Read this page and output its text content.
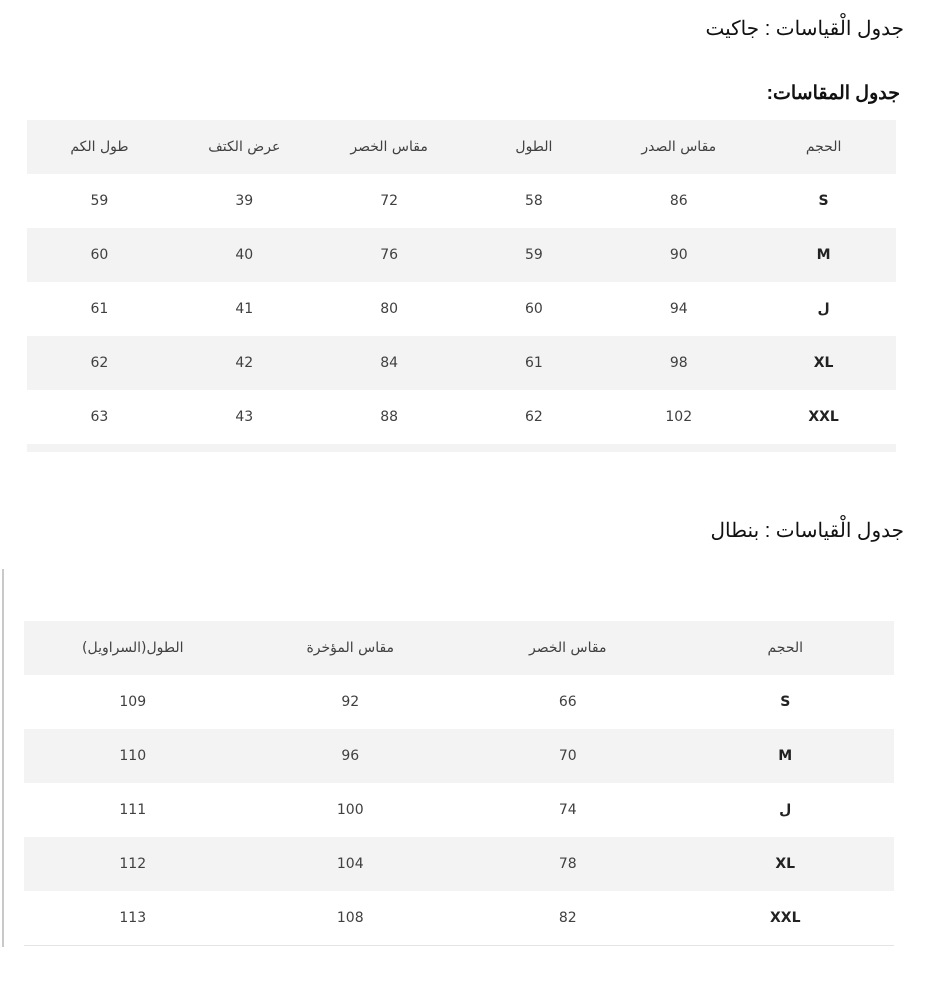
جدول الْقياسات : جاكيت
جدول المقاسات:
الحجم	مقاس الصدر	الطول	مقاس الخصر	عرض الكتف	طول الكم
S	86	58	72	39	59
M	90	59	76	40	60
ل	94	60	80	41	61
XL	98	61	84	42	62
XXL	102	62	88	43	63
جدول الْقياسات : بنطال
الحجم	مقاس الخصر	مقاس المؤخرة	الطول(السراويل)
S	66	92	109
M	70	96	110
ل	74	100	111
XL	78	104	112
XXL	82	108	113
